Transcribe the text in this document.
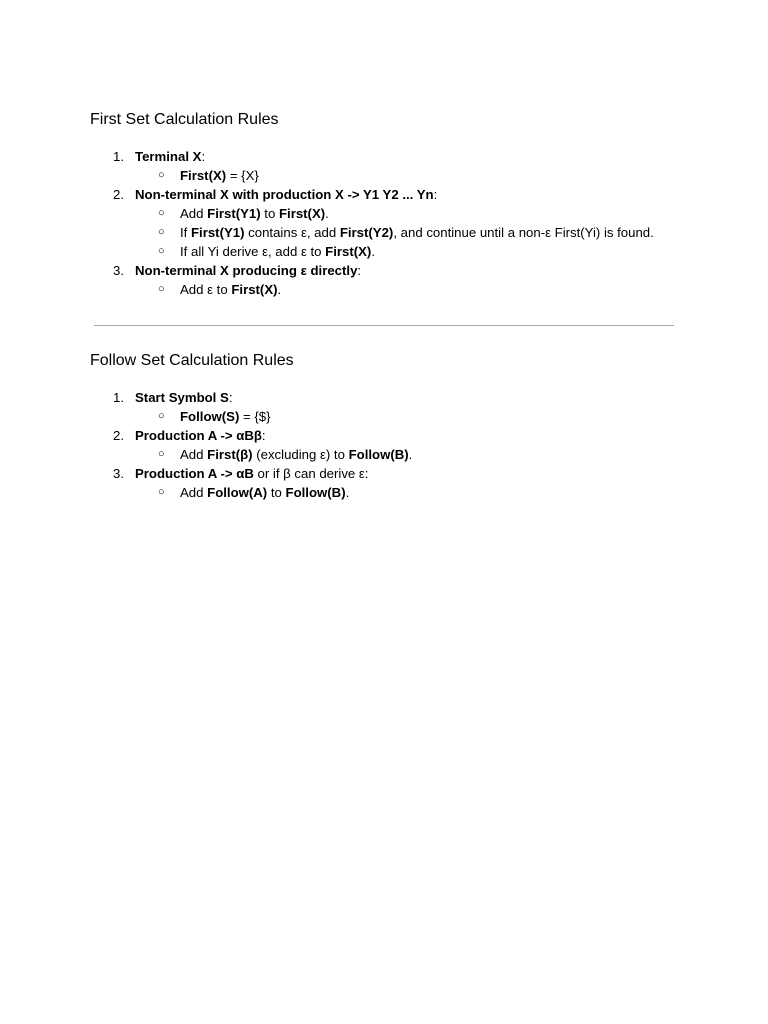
First Set Calculation Rules
1. Terminal X:
○ First(X) = {X}
2. Non-terminal X with production X -> Y1 Y2 ... Yn:
○ Add First(Y1) to First(X).
○ If First(Y1) contains ε, add First(Y2), and continue until a non-ε First(Yi) is found.
○ If all Yi derive ε, add ε to First(X).
3. Non-terminal X producing ε directly:
○ Add ε to First(X).
Follow Set Calculation Rules
1. Start Symbol S:
○ Follow(S) = {$}
2. Production A -> αBβ:
○ Add First(β) (excluding ε) to Follow(B).
3. Production A -> αB or if β can derive ε:
○ Add Follow(A) to Follow(B).
